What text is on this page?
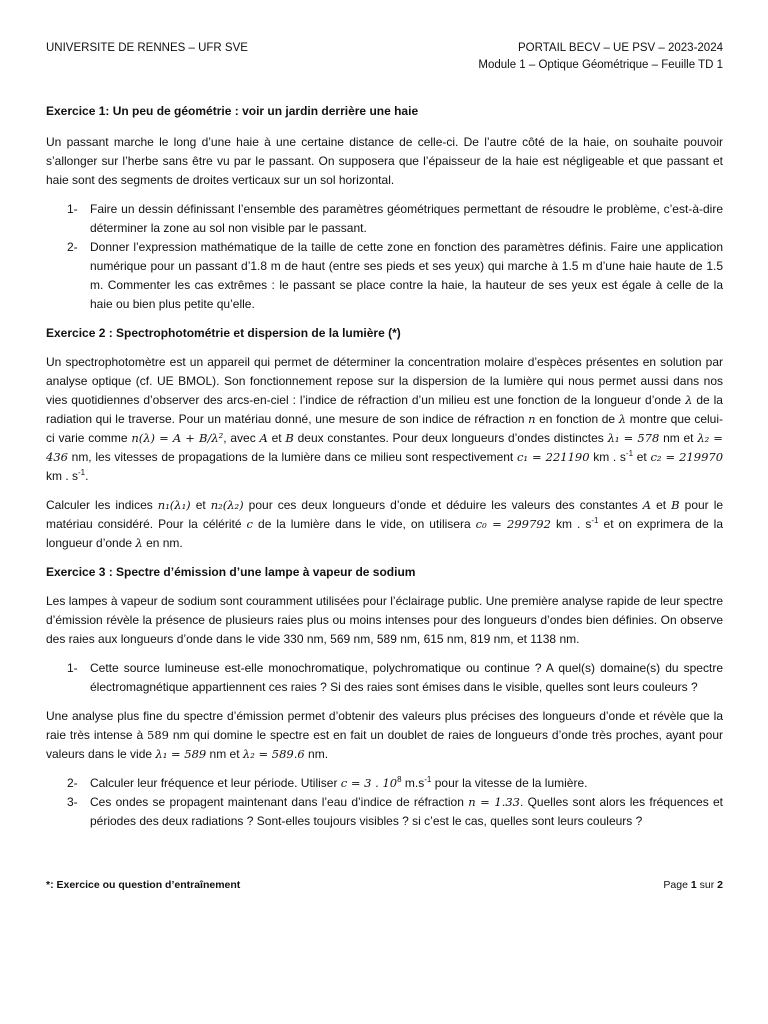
UNIVERSITE DE RENNES – UFR SVE	PORTAIL BECV – UE PSV – 2023-2024
Module 1 – Optique Géométrique – Feuille TD 1
Exercice 1: Un peu de géométrie : voir un jardin derrière une haie

Un passant marche le long d’une haie à une certaine distance de celle-ci. De l’autre côté de la haie, on souhaite pouvoir s’allonger sur l’herbe sans être vu par le passant. On supposera que l’épaisseur de la haie est négligeable et que passant et haie sont des segments de droites verticaux sur un sol horizontal.

1-	Faire un dessin définissant l’ensemble des paramètres géométriques permettant de résoudre le problème, c’est-à-dire déterminer la zone au sol non visible par le passant.
2-	Donner l’expression mathématique de la taille de cette zone en fonction des paramètres définis. Faire une application numérique pour un passant d’1.8 m de haut (entre ses pieds et ses yeux) qui marche à 1.5 m d’une haie haute de 1.5 m. Commenter les cas extrêmes : le passant se place contre la haie, la hauteur de ses yeux est égale à celle de la haie ou bien plus petite qu’elle.
Exercice 2 : Spectrophotométrie et dispersion de la lumière (*)

Un spectrophotomètre est un appareil qui permet de déterminer la concentration molaire d’espèces présentes en solution par analyse optique (cf. UE BMOL). Son fonctionnement repose sur la dispersion de la lumière qui nous permet aussi dans nos vies quotidiennes d’observer des arcs-en-ciel : l’indice de réfraction d’un milieu est une fonction de la longueur d’onde λ de la radiation qui le traverse. Pour un matériau donné, une mesure de son indice de réfraction n en fonction de λ montre que celui-ci varie comme n(λ) = A + B/λ², avec A et B deux constantes. Pour deux longueurs d’ondes distinctes λ₁ = 578 nm et λ₂ = 436 nm, les vitesses de propagations de la lumière dans ce milieu sont respectivement c₁ = 221190 km . $s^{-1}$ et c₂ = 219970 km . $s^{-1}$.

Calculer les indices n₁(λ₁) et n₂(λ₂) pour ces deux longueurs d’onde et déduire les valeurs des constantes A et B pour le matériau considéré. Pour la célérité c de la lumière dans le vide, on utilisera c₀ = 299792 km . $s^{-1}$ et on exprimera de la longueur d’onde λ en nm.

Exercice 3 : Spectre d’émission d’une lampe à vapeur de sodium

Les lampes à vapeur de sodium sont couramment utilisées pour l’éclairage public. Une première analyse rapide de leur spectre d’émission révèle la présence de plusieurs raies plus ou moins intenses pour des longueurs d’ondes bien définies. On observe des raies aux longueurs d’onde dans le vide 330 nm, 569 nm, 589 nm, 615 nm, 819 nm, et 1138 nm.

1-	Cette source lumineuse est-elle monochromatique, polychromatique ou continue ? A quel(s) domaine(s) du spectre électromagnétique appartiennent ces raies ? Si des raies sont émises dans le visible, quelles sont leurs couleurs ?

Une analyse plus fine du spectre d’émission permet d’obtenir des valeurs plus précises des longueurs d’onde et révèle que la raie très intense à 589 nm qui domine le spectre est en fait un doublet de raies de longueurs d’onde très proches, ayant pour valeurs dans le vide λ₁ = 589 nm et λ₂ = 589.6 nm.

2-	Calculer leur fréquence et leur période. Utiliser c = 3 . $10^8$ $m.s^{-1}$ pour la vitesse de la lumière.
3-	Ces ondes se propagent maintenant dans l’eau d’indice de réfraction n = 1.33. Quelles sont alors les fréquences et périodes des deux radiations ? Sont-elles toujours visibles ? si c’est le cas, quelles sont leurs couleurs ?
*: Exercice ou question d’entraînement	Page 1 sur 2
